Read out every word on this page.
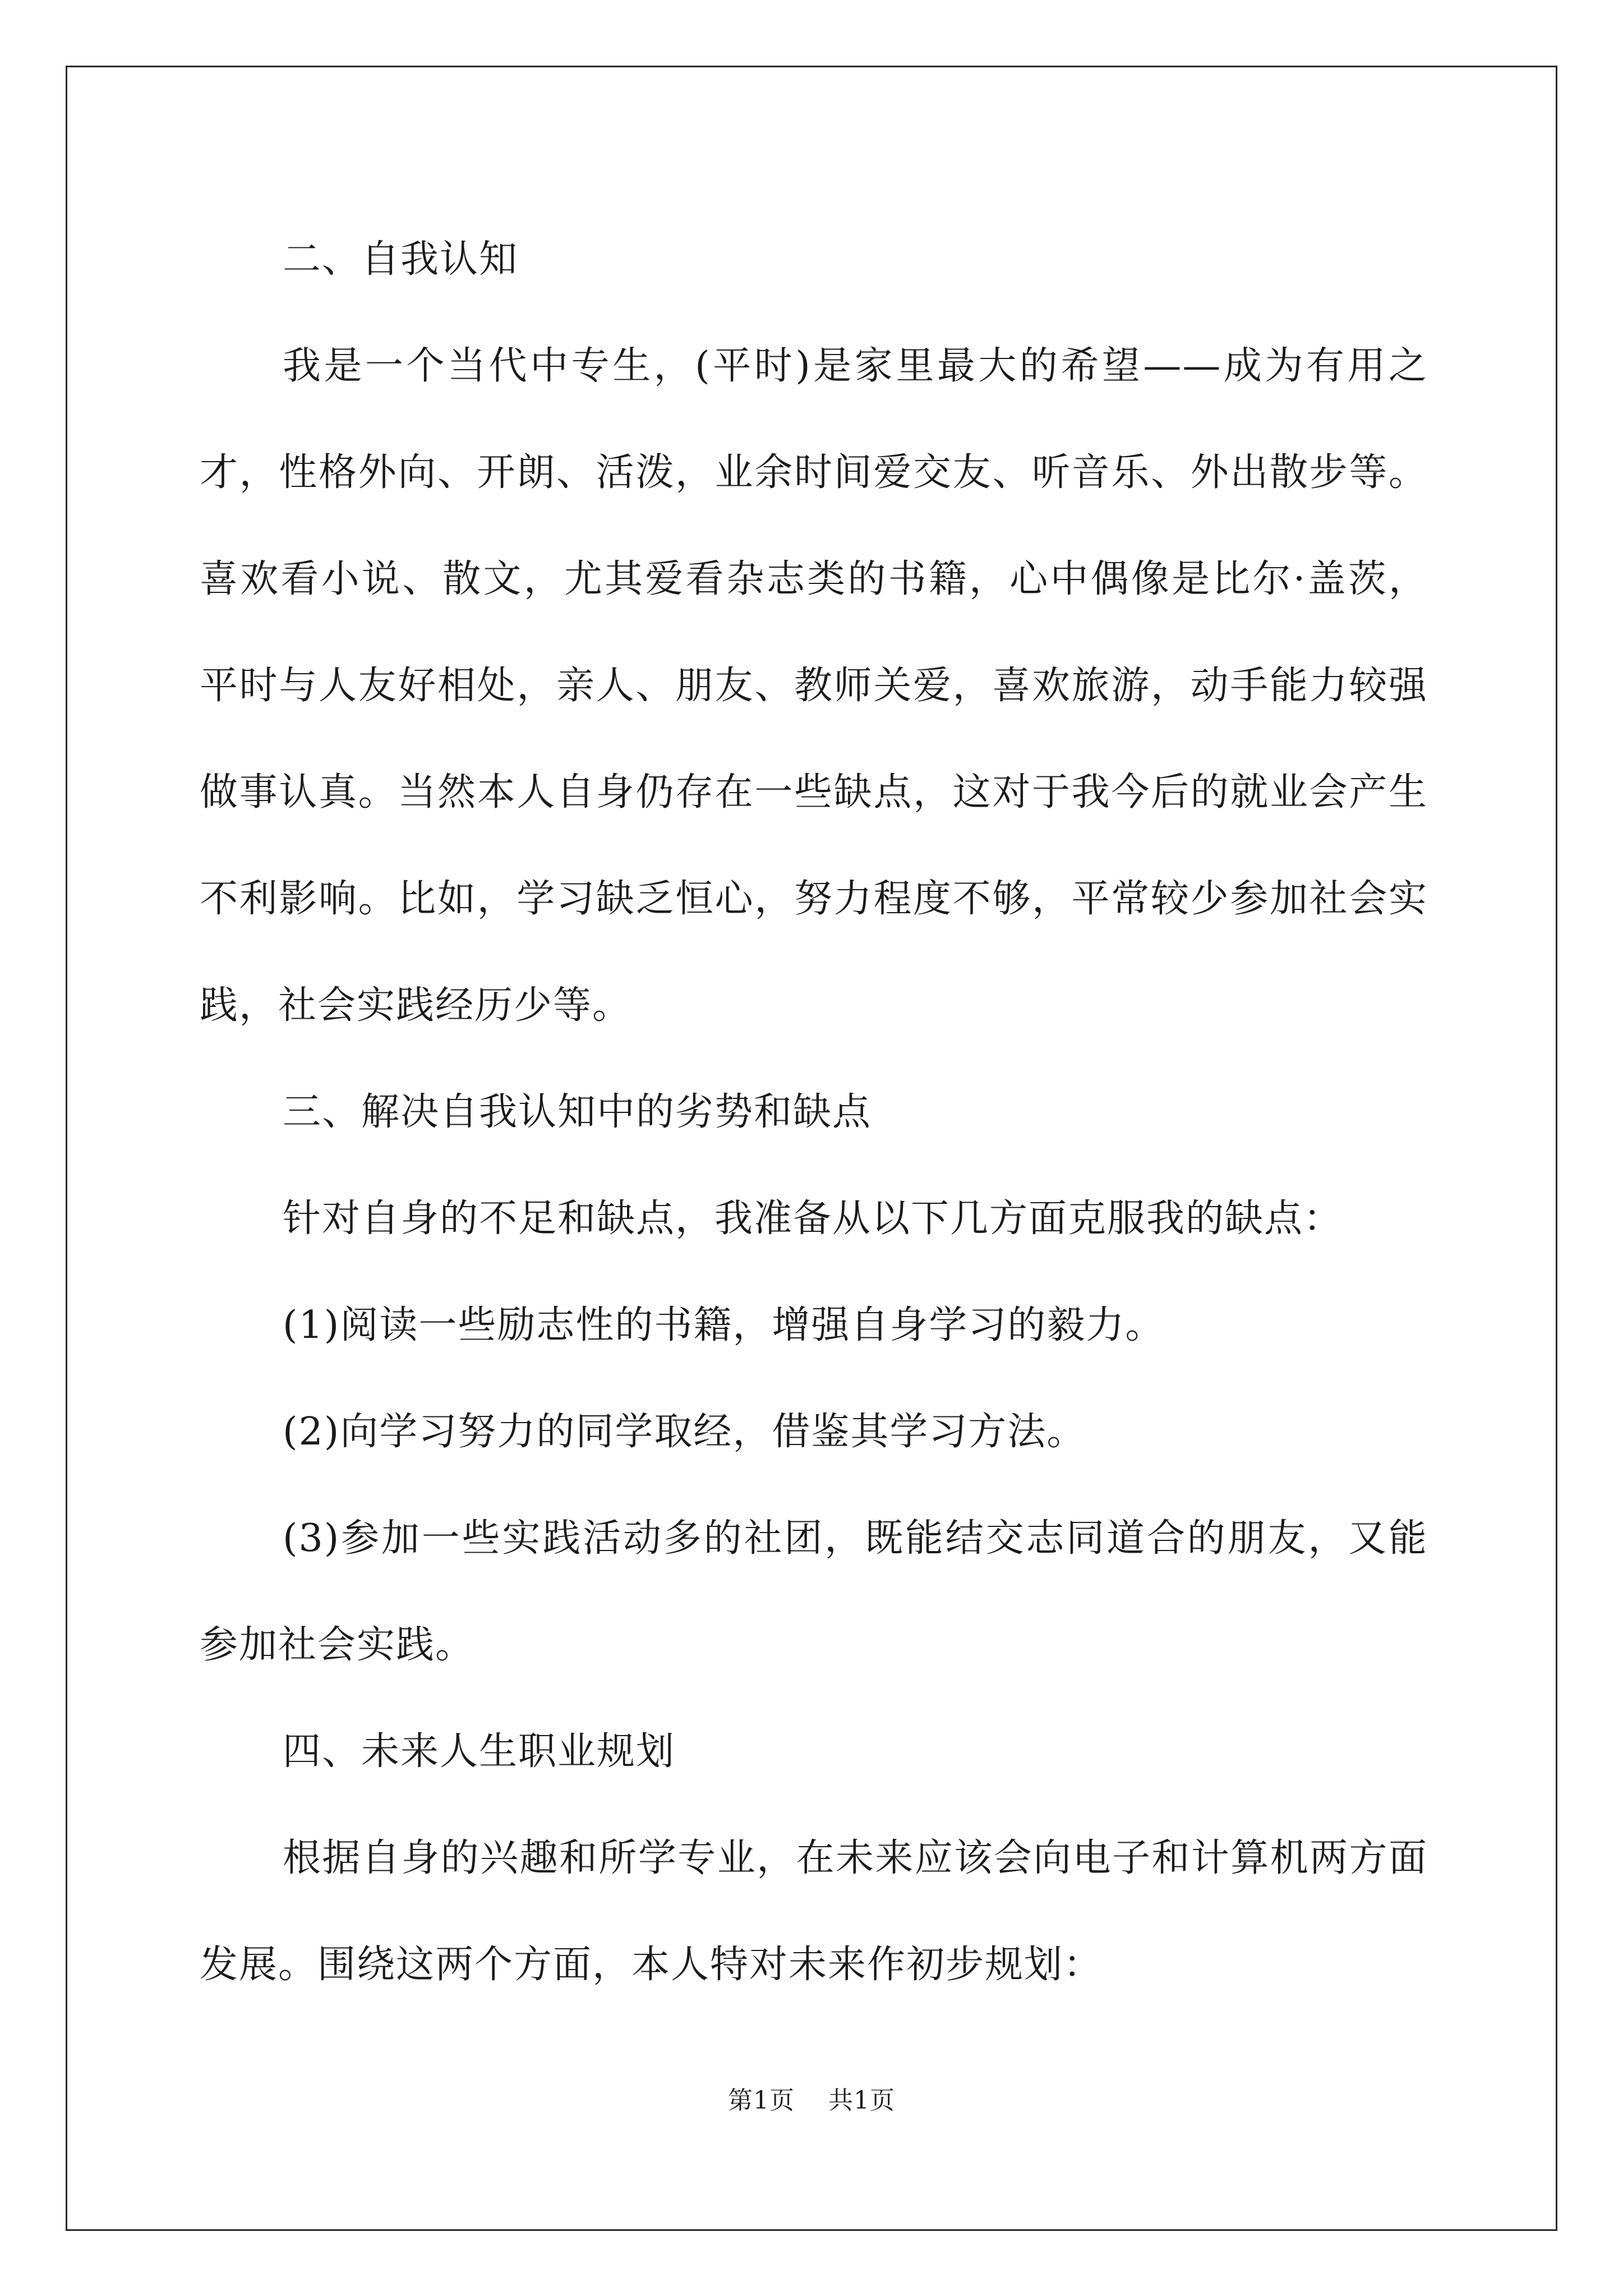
二、自我认知

我是一个当代中专生，(平时)是家里最大的希望——成为有用之才，性格外向、开朗、活泼，业余时间爱交友、听音乐、外出散步等。喜欢看小说、散文，尤其爱看杂志类的书籍，心中偶像是比尔·盖茨，平时与人友好相处，亲人、朋友、教师关爱，喜欢旅游，动手能力较强做事认真。当然本人自身仍存在一些缺点，这对于我今后的就业会产生不利影响。比如，学习缺乏恒心，努力程度不够，平常较少参加社会实践，社会实践经历少等。

三、解决自我认知中的劣势和缺点

针对自身的不足和缺点，我准备从以下几方面克服我的缺点：

(1)阅读一些励志性的书籍，增强自身学习的毅力。

(2)向学习努力的同学取经，借鉴其学习方法。

(3)参加一些实践活动多的社团，既能结交志同道合的朋友，又能参加社会实践。

四、未来人生职业规划

根据自身的兴趣和所学专业，在未来应该会向电子和计算机两方面发展。围绕这两个方面，本人特对未来作初步规划：

第1页 共1页
